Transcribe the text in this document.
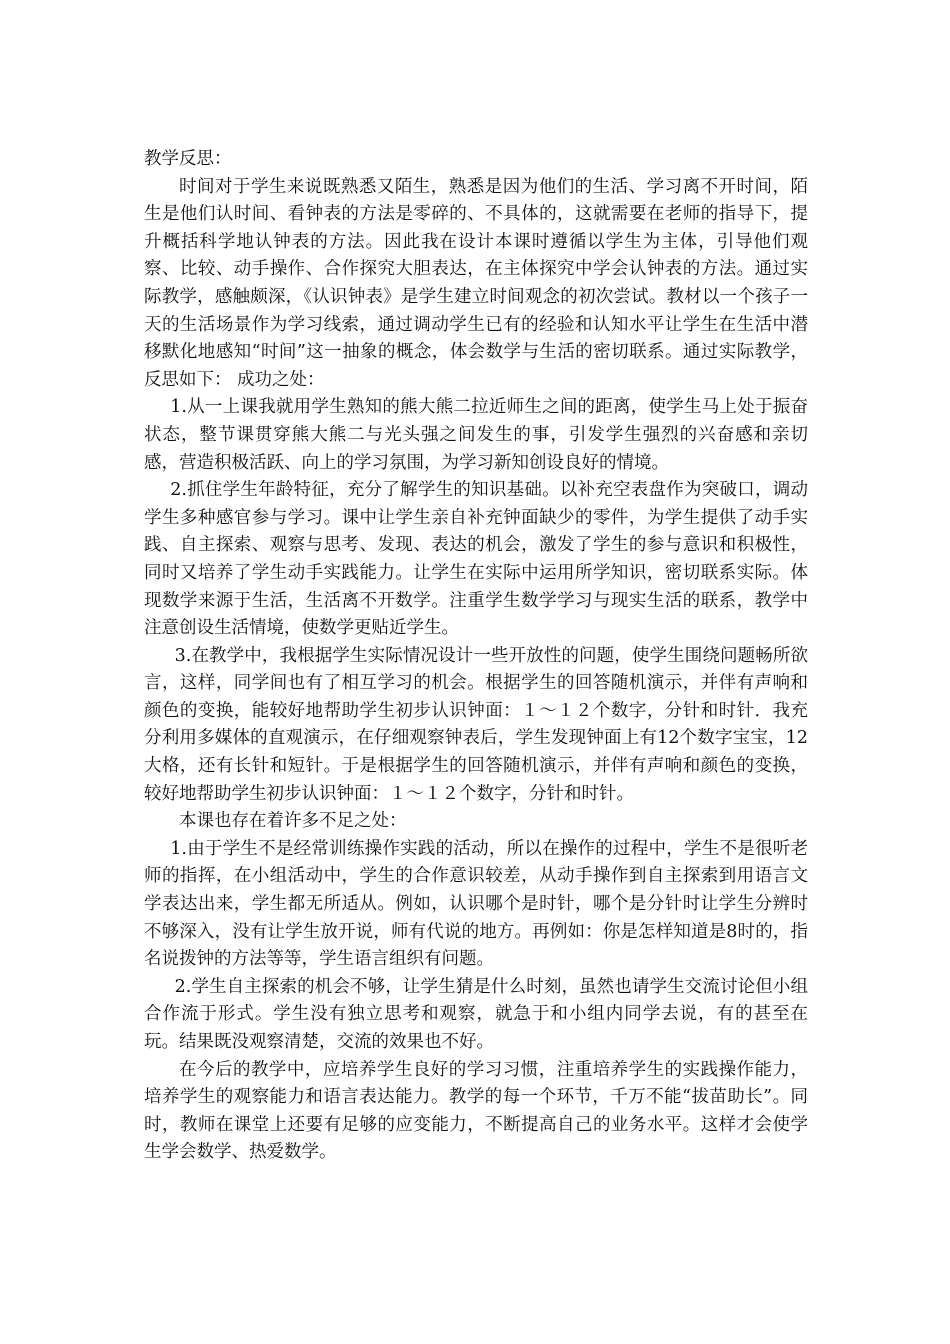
教学反思：

时间对于学生来说既熟悉又陌生，熟悉是因为他们的生活、学习离不开时间，陌生是他们认时间、看钟表的方法是零碎的、不具体的，这就需要在老师的指导下，提升概括科学地认钟表的方法。因此我在设计本课时遵循以学生为主体，引导他们观察、比较、动手操作、合作探究大胆表达，在主体探究中学会认钟表的方法。通过实际教学，感触颇深，《认识钟表》是学生建立时间观念的初次尝试。教材以一个孩子一天的生活场景作为学习线索，通过调动学生已有的经验和认知水平让学生在生活中潜移默化地感知“时间”这一抽象的概念，体会数学与生活的密切联系。通过实际教学，反思如下： 成功之处：

1.从一上课我就用学生熟知的熊大熊二拉近师生之间的距离，使学生马上处于振奋状态，整节课贯穿熊大熊二与光头强之间发生的事，引发学生强烈的兴奋感和亲切感，营造积极活跃、向上的学习氛围，为学习新知创设良好的情境。

2.抓住学生年龄特征，充分了解学生的知识基础。以补充空表盘作为突破口，调动学生多种感官参与学习。课中让学生亲自补充钟面缺少的零件，为学生提供了动手实践、自主探索、观察与思考、发现、表达的机会，激发了学生的参与意识和积极性，同时又培养了学生动手实践能力。让学生在实际中运用所学知识，密切联系实际。体现数学来源于生活，生活离不开数学。注重学生数学学习与现实生活的联系，教学中注意创设生活情境，使数学更贴近学生。

3.在教学中，我根据学生实际情况设计一些开放性的问题，使学生围绕问题畅所欲言，这样，同学间也有了相互学习的机会。根据学生的回答随机演示，并伴有声响和颜色的变换，能较好地帮助学生初步认识钟面：１～１２个数字，分针和时针．我充分利用多媒体的直观演示，在仔细观察钟表后，学生发现钟面上有12个数字宝宝，12大格，还有长针和短针。于是根据学生的回答随机演示，并伴有声响和颜色的变换，较好地帮助学生初步认识钟面：１～１２个数字，分针和时针。

本课也存在着许多不足之处：

1.由于学生不是经常训练操作实践的活动，所以在操作的过程中，学生不是很听老师的指挥，在小组活动中，学生的合作意识较差，从动手操作到自主探索到用语言文学表达出来，学生都无所适从。例如，认识哪个是时针，哪个是分针时让学生分辨时不够深入，没有让学生放开说，师有代说的地方。再例如：你是怎样知道是8时的，指名说拨钟的方法等等，学生语言组织有问题。

2.学生自主探索的机会不够，让学生猜是什么时刻，虽然也请学生交流讨论但小组合作流于形式。学生没有独立思考和观察，就急于和小组内同学去说，有的甚至在玩。结果既没观察清楚，交流的效果也不好。

在今后的教学中，应培养学生良好的学习习惯，注重培养学生的实践操作能力，培养学生的观察能力和语言表达能力。教学的每一个环节，千万不能“拔苗助长”。同时，教师在课堂上还要有足够的应变能力，不断提高自己的业务水平。这样才会使学生学会数学、热爱数学。
